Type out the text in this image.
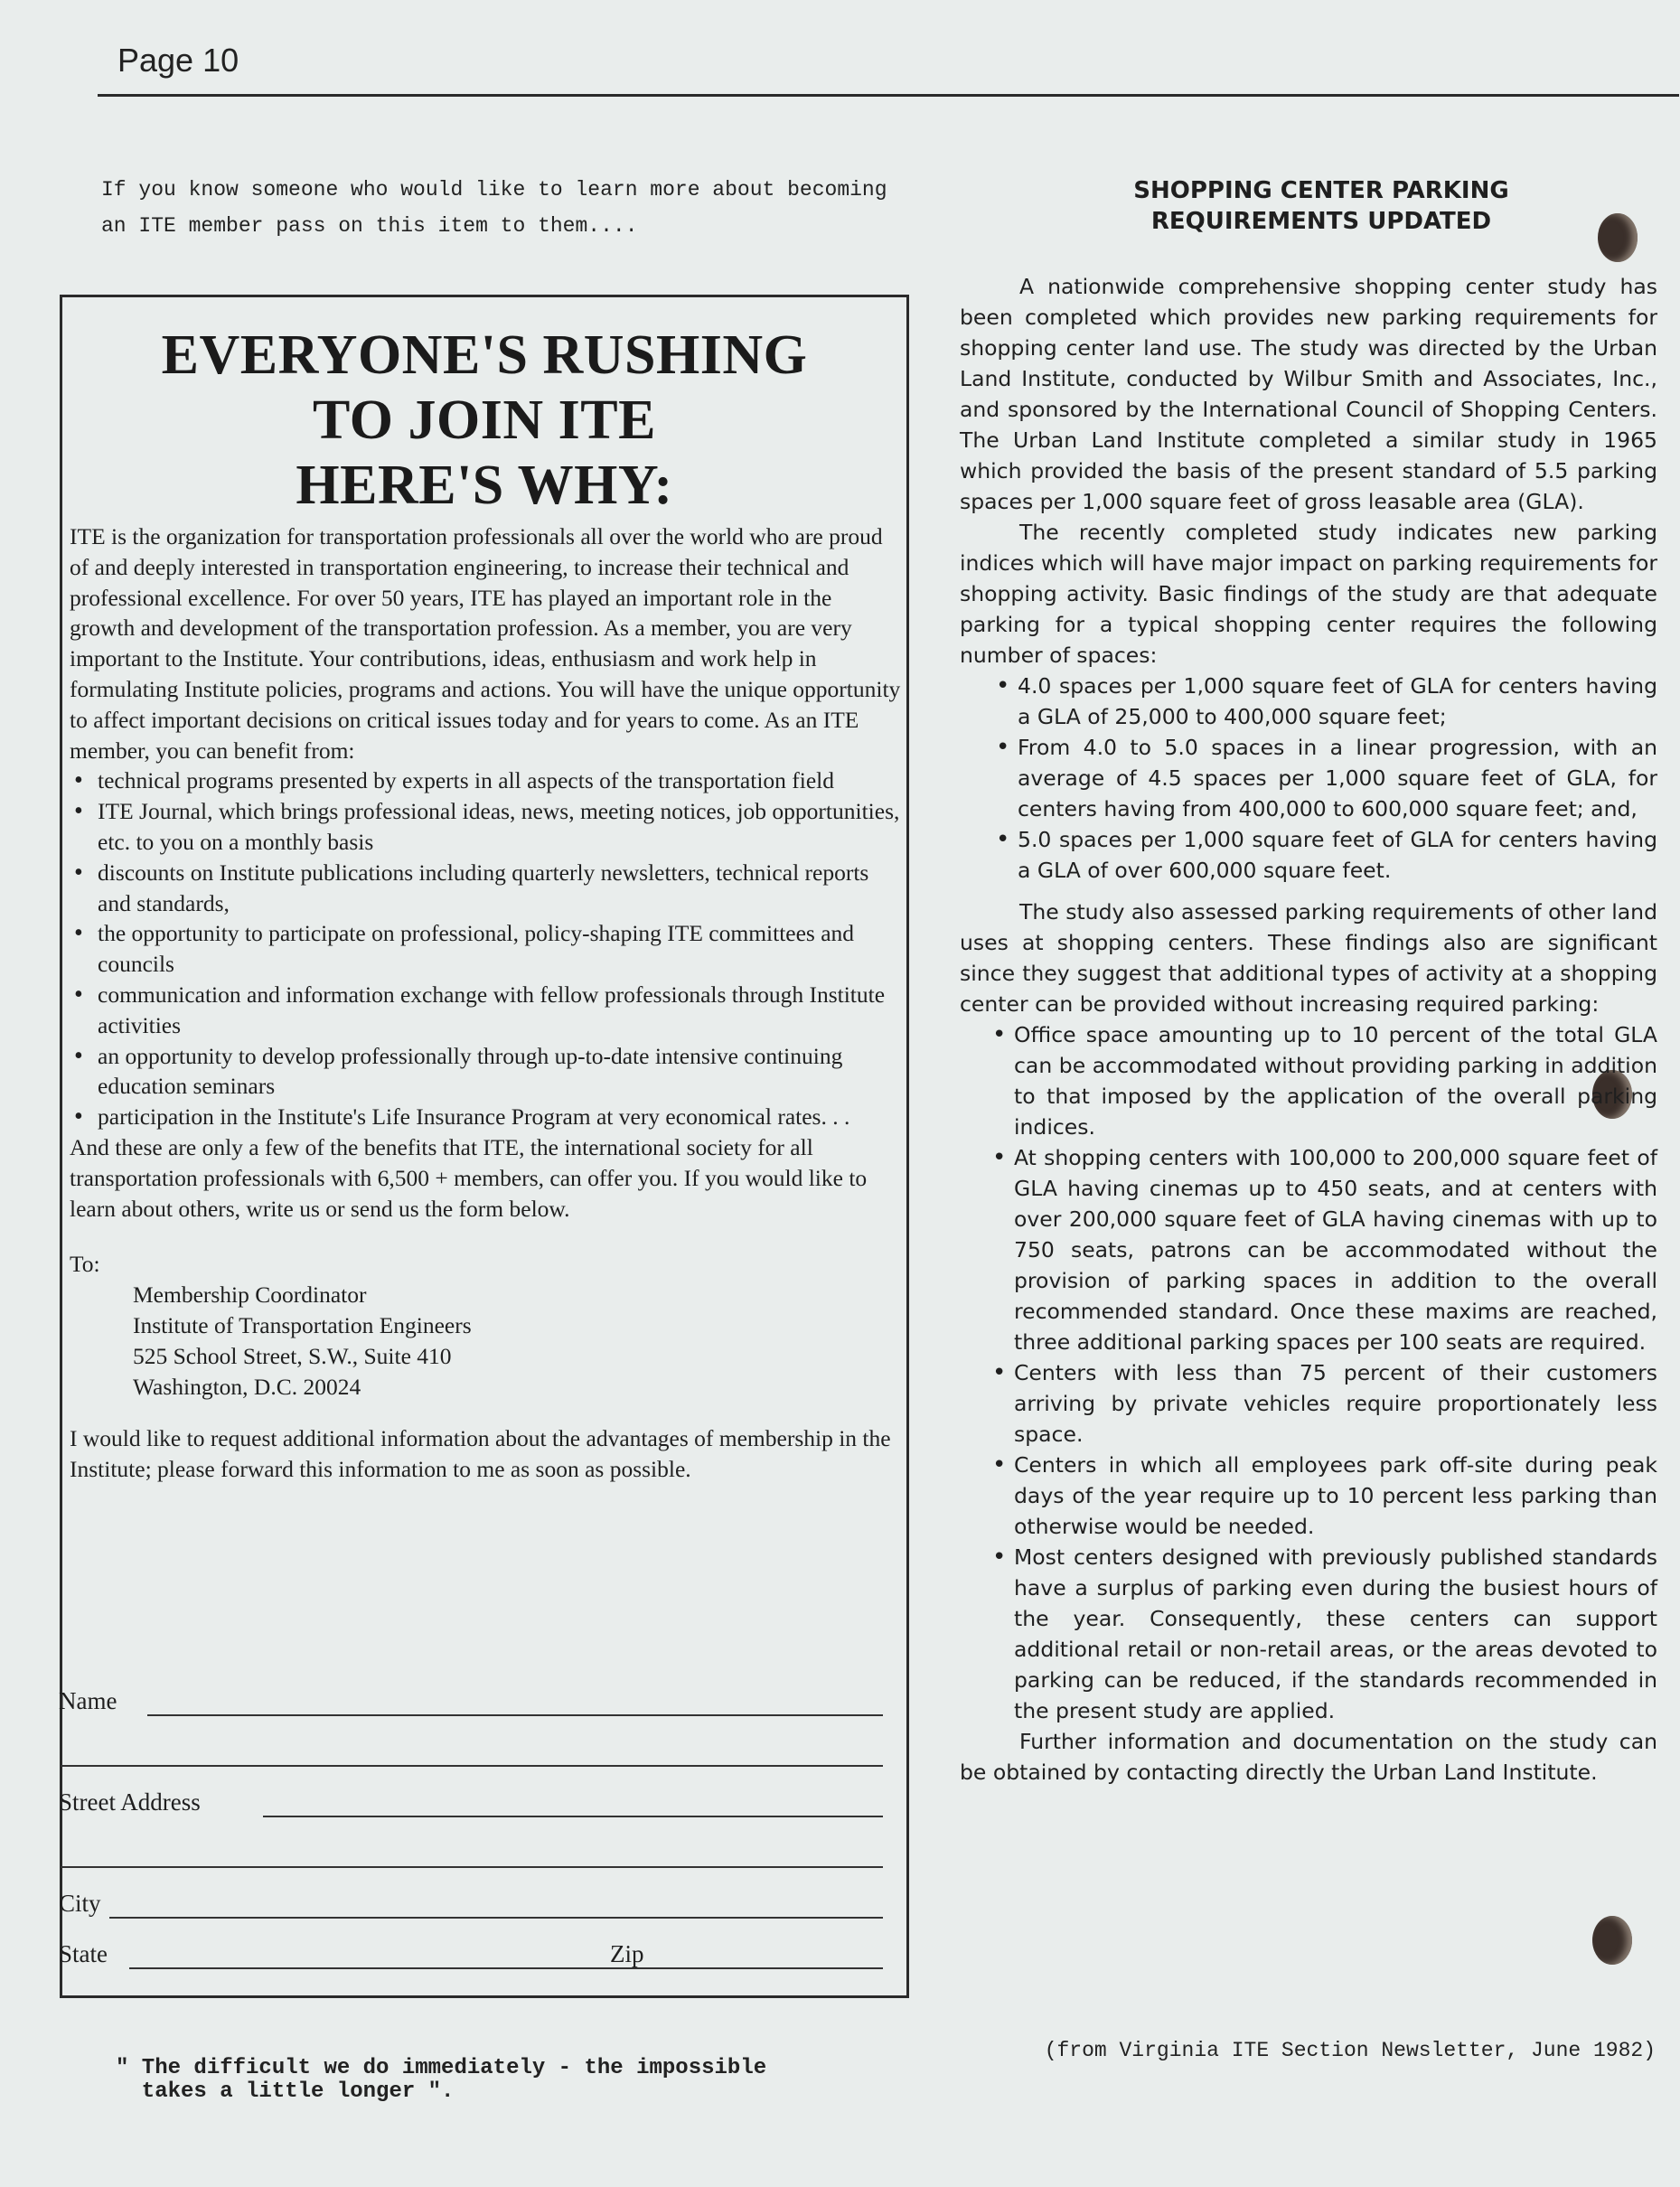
Page 10
If you know someone who would like to learn more about becoming an ITE member pass on this item to them....
EVERYONE'S RUSHING
TO JOIN ITE
HERE'S WHY:

ITE is the organization for transportation professionals all over the world who are proud of and deeply interested in transportation engineering, to increase their technical and professional excellence. For over 50 years, ITE has played an important role in the growth and development of the transportation profession. As a member, you are very important to the Institute. Your contributions, ideas, enthusiasm and work help in formulating Institute policies, programs and actions. You will have the unique opportunity to affect important decisions on critical issues today and for years to come. As an ITE member, you can benefit from:

• technical programs presented by experts in all aspects of the transportation field
• ITE Journal, which brings professional ideas, news, meeting notices, job opportunities, etc. to you on a monthly basis
• discounts on Institute publications including quarterly newsletters, technical reports and standards,
• the opportunity to participate on professional, policy-shaping ITE committees and councils
• communication and information exchange with fellow professionals through Institute activities
• an opportunity to develop professionally through up-to-date intensive continuing education seminars
• participation in the Institute's Life Insurance Program at very economical rates. . .

And these are only a few of the benefits that ITE, the international society for all transportation professionals with 6,500 + members, can offer you. If you would like to learn about others, write us or send us the form below.

To:

Membership Coordinator
Institute of Transportation Engineers
525 School Street, S.W., Suite 410
Washington, D.C. 20024

I would like to request additional information about the advantages of membership in the Institute; please forward this information to me as soon as possible.

Name
Street Address
City
State	Zip
" The difficult we do immediately - the impossible
takes a little longer ".
SHOPPING CENTER PARKING
REQUIREMENTS UPDATED

A nationwide comprehensive shopping center study has been completed which provides new parking requirements for shopping center land use. The study was directed by the Urban Land Institute, conducted by Wilbur Smith and Associates, Inc., and sponsored by the International Council of Shopping Centers. The Urban Land Institute completed a similar study in 1965 which provided the basis of the present standard of 5.5 parking spaces per 1,000 square feet of gross leasable area (GLA).

The recently completed study indicates new parking indices which will have major impact on parking requirements for shopping activity. Basic findings of the study are that adequate parking for a typical shopping center requires the following number of spaces:

• 4.0 spaces per 1,000 square feet of GLA for centers having a GLA of 25,000 to 400,000 square feet;
• From 4.0 to 5.0 spaces in a linear progression, with an average of 4.5 spaces per 1,000 square feet of GLA, for centers having from 400,000 to 600,000 square feet; and,
• 5.0 spaces per 1,000 square feet of GLA for centers having a GLA of over 600,000 square feet.

The study also assessed parking requirements of other land uses at shopping centers. These findings also are significant since they suggest that additional types of activity at a shopping center can be provided without increasing required parking:

• Office space amounting up to 10 percent of the total GLA can be accommodated without providing parking in addition to that imposed by the application of the overall parking indices.
• At shopping centers with 100,000 to 200,000 square feet of GLA having cinemas up to 450 seats, and at centers with over 200,000 square feet of GLA having cinemas with up to 750 seats, patrons can be accommodated without the provision of parking spaces in addition to the overall recommended standard. Once these maxims are reached, three additional parking spaces per 100 seats are required.
• Centers with less than 75 percent of their customers arriving by private vehicles require proportionately less space.
• Centers in which all employees park off-site during peak days of the year require up to 10 percent less parking than otherwise would be needed.
• Most centers designed with previously published standards have a surplus of parking even during the busiest hours of the year. Consequently, these centers can support additional retail or non-retail areas, or the areas devoted to parking can be reduced, if the standards recommended in the present study are applied.

Further information and documentation on the study can be obtained by contacting directly the Urban Land Institute.

(from Virginia ITE Section Newsletter, June 1982)
